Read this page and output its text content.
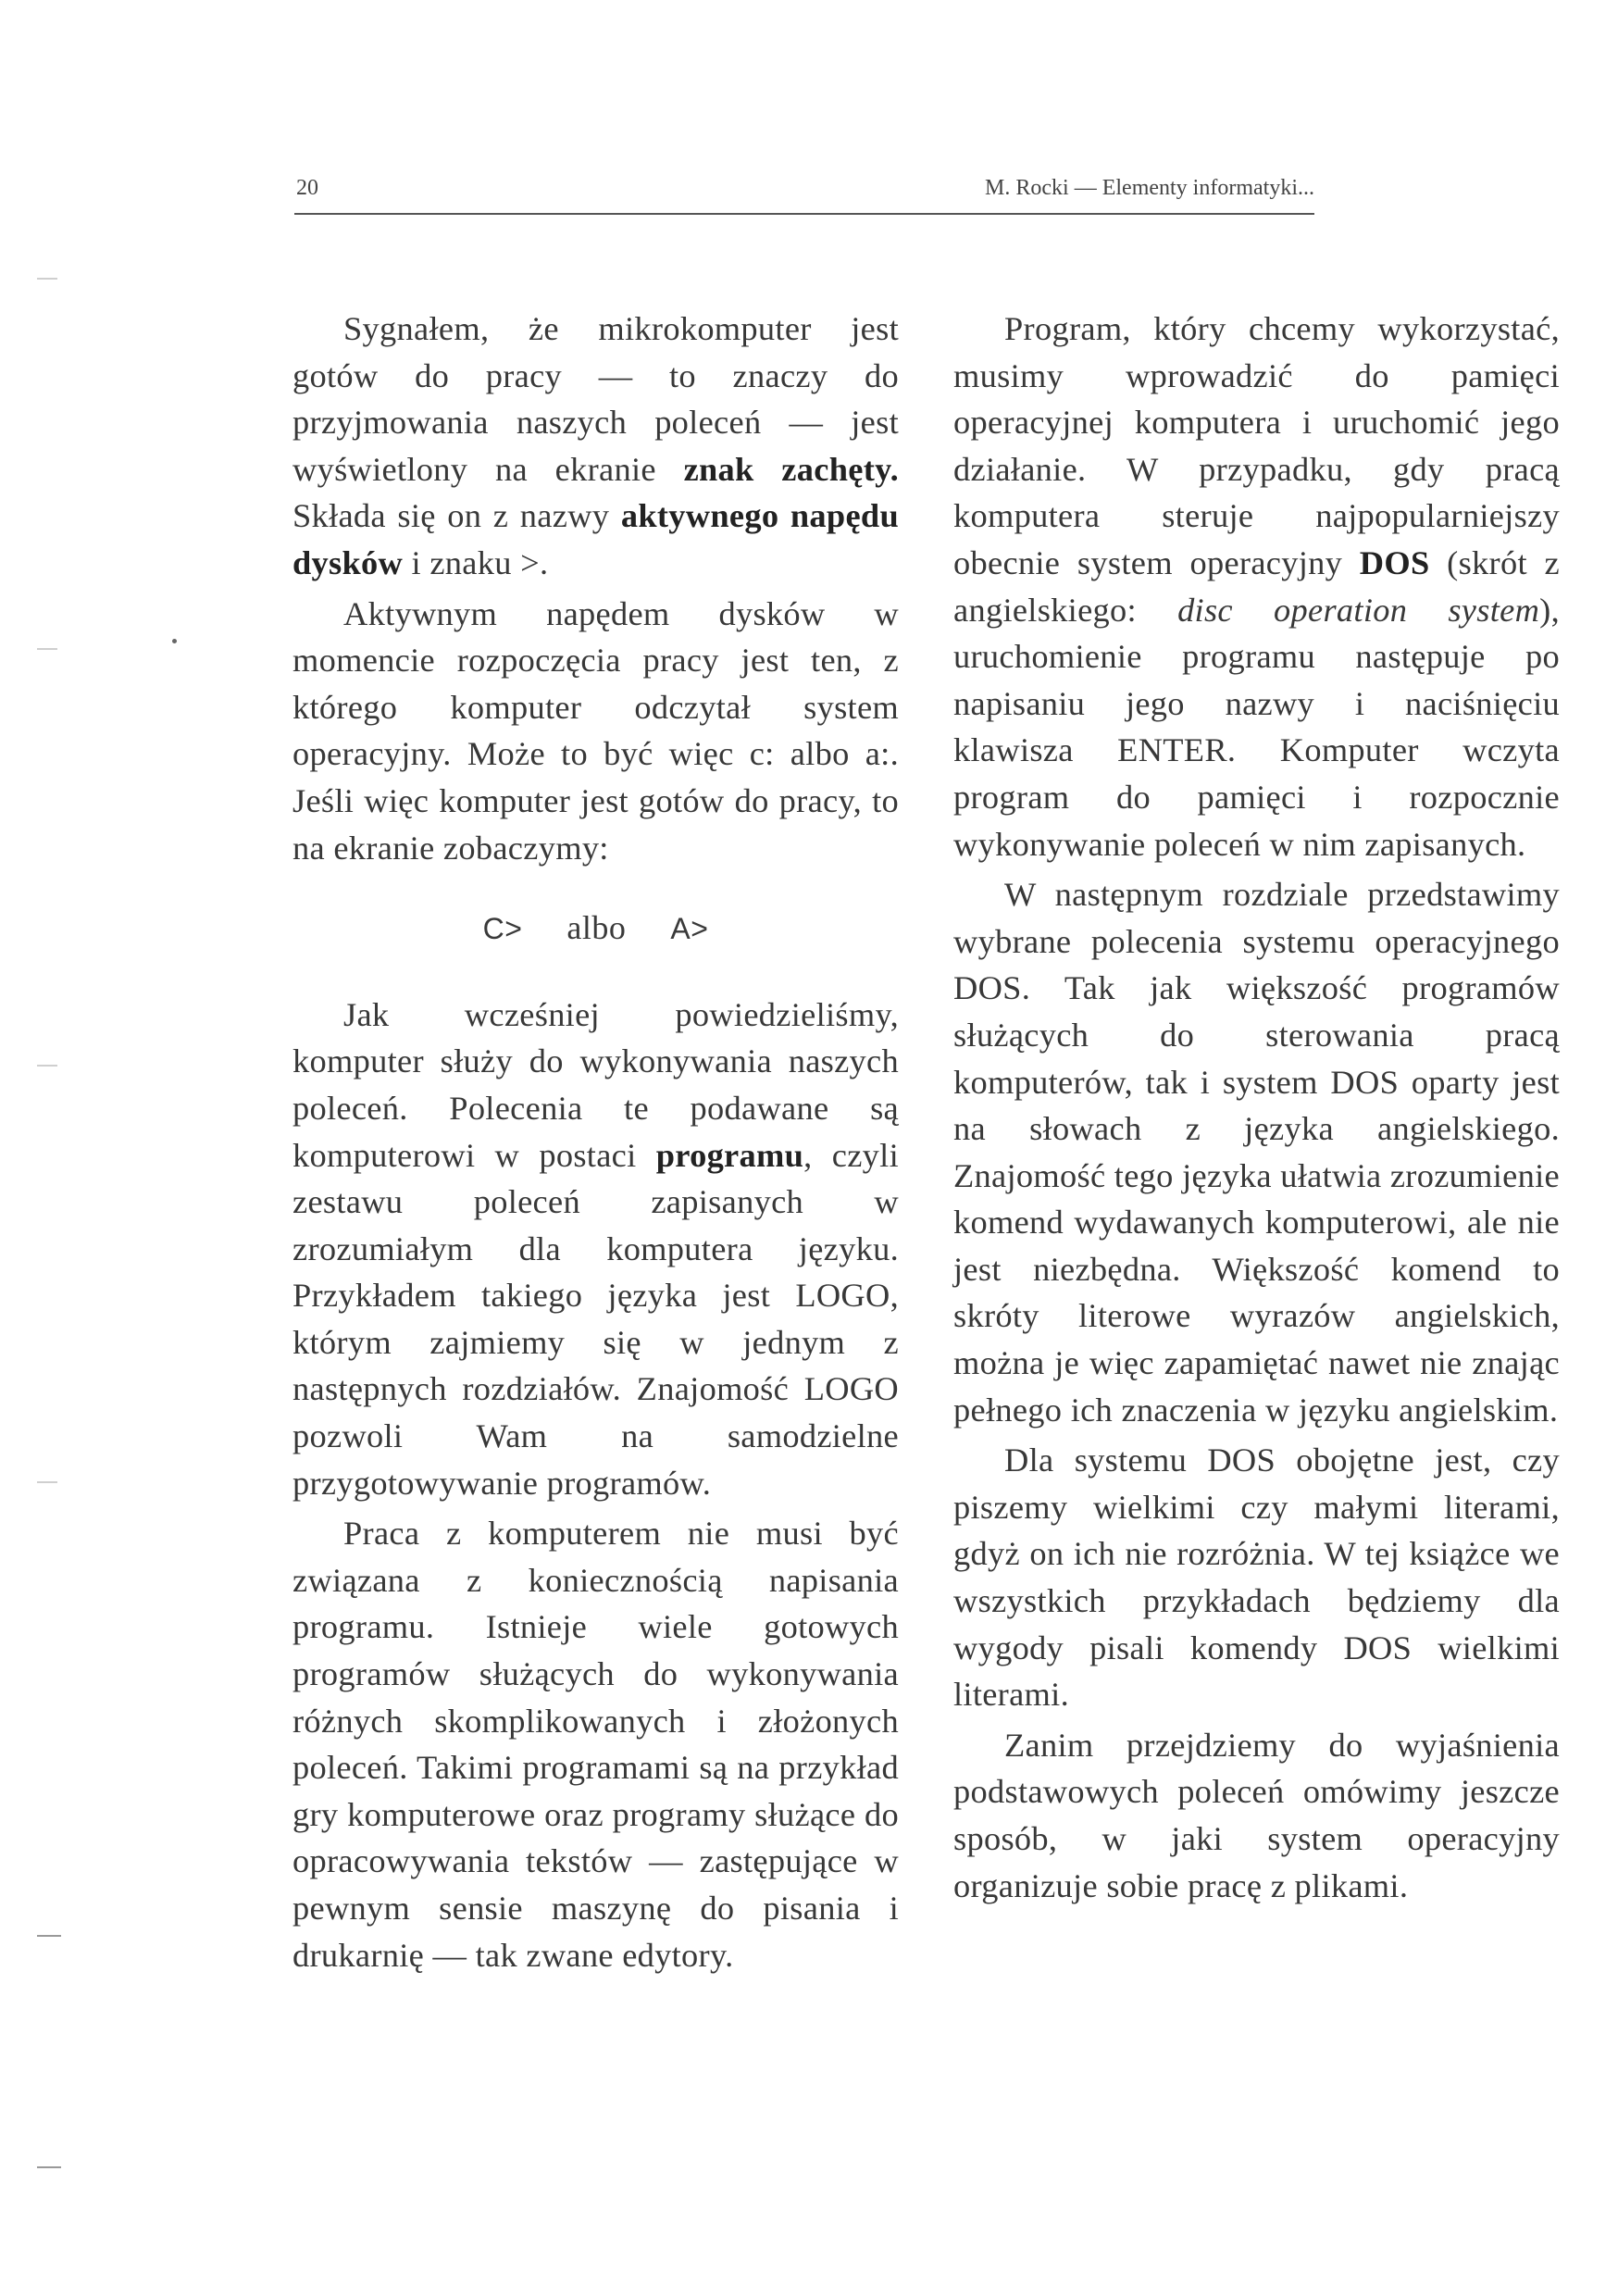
20	M. Rocki — Elementy informatyki...

Sygnałem, że mikrokomputer jest gotów do pracy — to znaczy do przyjmowania naszych poleceń — jest wyświetlony na ekranie znak zachęty. Składa się on z nazwy aktywnego napędu dysków i znaku >.

Aktywnym napędem dysków w momencie rozpoczęcia pracy jest ten, z którego komputer odczytał system operacyjny. Może to być więc c: albo a:. Jeśli więc komputer jest gotów do pracy, to na ekranie zobaczymy:

C> albo A>

Jak wcześniej powiedzieliśmy, komputer służy do wykonywania naszych poleceń. Polecenia te podawane są komputerowi w postaci programu, czyli zestawu poleceń zapisanych w zrozumiałym dla komputera języku. Przykładem takiego języka jest LOGO, którym zajmiemy się w jednym z następnych rozdziałów. Znajomość LOGO pozwoli Wam na samodzielne przygotowywanie programów.

Praca z komputerem nie musi być związana z koniecznością napisania programu. Istnieje wiele gotowych programów służących do wykonywania różnych skomplikowanych i złożonych poleceń. Takimi programami są na przykład gry komputerowe oraz programy służące do opracowywania tekstów — zastępujące w pewnym sensie maszynę do pisania i drukarnię — tak zwane edytory.

Program, który chcemy wykorzystać, musimy wprowadzić do pamięci operacyjnej komputera i uruchomić jego działanie. W przypadku, gdy pracą komputera steruje najpopularniejszy obecnie system operacyjny DOS (skrót z angielskiego: disc operation system), uruchomienie programu następuje po napisaniu jego nazwy i naciśnięciu klawisza ENTER. Komputer wczyta program do pamięci i rozpocznie wykonywanie poleceń w nim zapisanych.

W następnym rozdziale przedstawimy wybrane polecenia systemu operacyjnego DOS. Tak jak większość programów służących do sterowania pracą komputerów, tak i system DOS oparty jest na słowach z języka angielskiego. Znajomość tego języka ułatwia zrozumienie komend wydawanych komputerowi, ale nie jest niezbędna. Większość komend to skróty literowe wyrazów angielskich, można je więc zapamiętać nawet nie znając pełnego ich znaczenia w języku angielskim.

Dla systemu DOS obojętne jest, czy piszemy wielkimi czy małymi literami, gdyż on ich nie rozróżnia. W tej książce we wszystkich przykładach będziemy dla wygody pisali komendy DOS wielkimi literami.

Zanim przejdziemy do wyjaśnienia podstawowych poleceń omówimy jeszcze sposób, w jaki system operacyjny organizuje sobie pracę z plikami.
